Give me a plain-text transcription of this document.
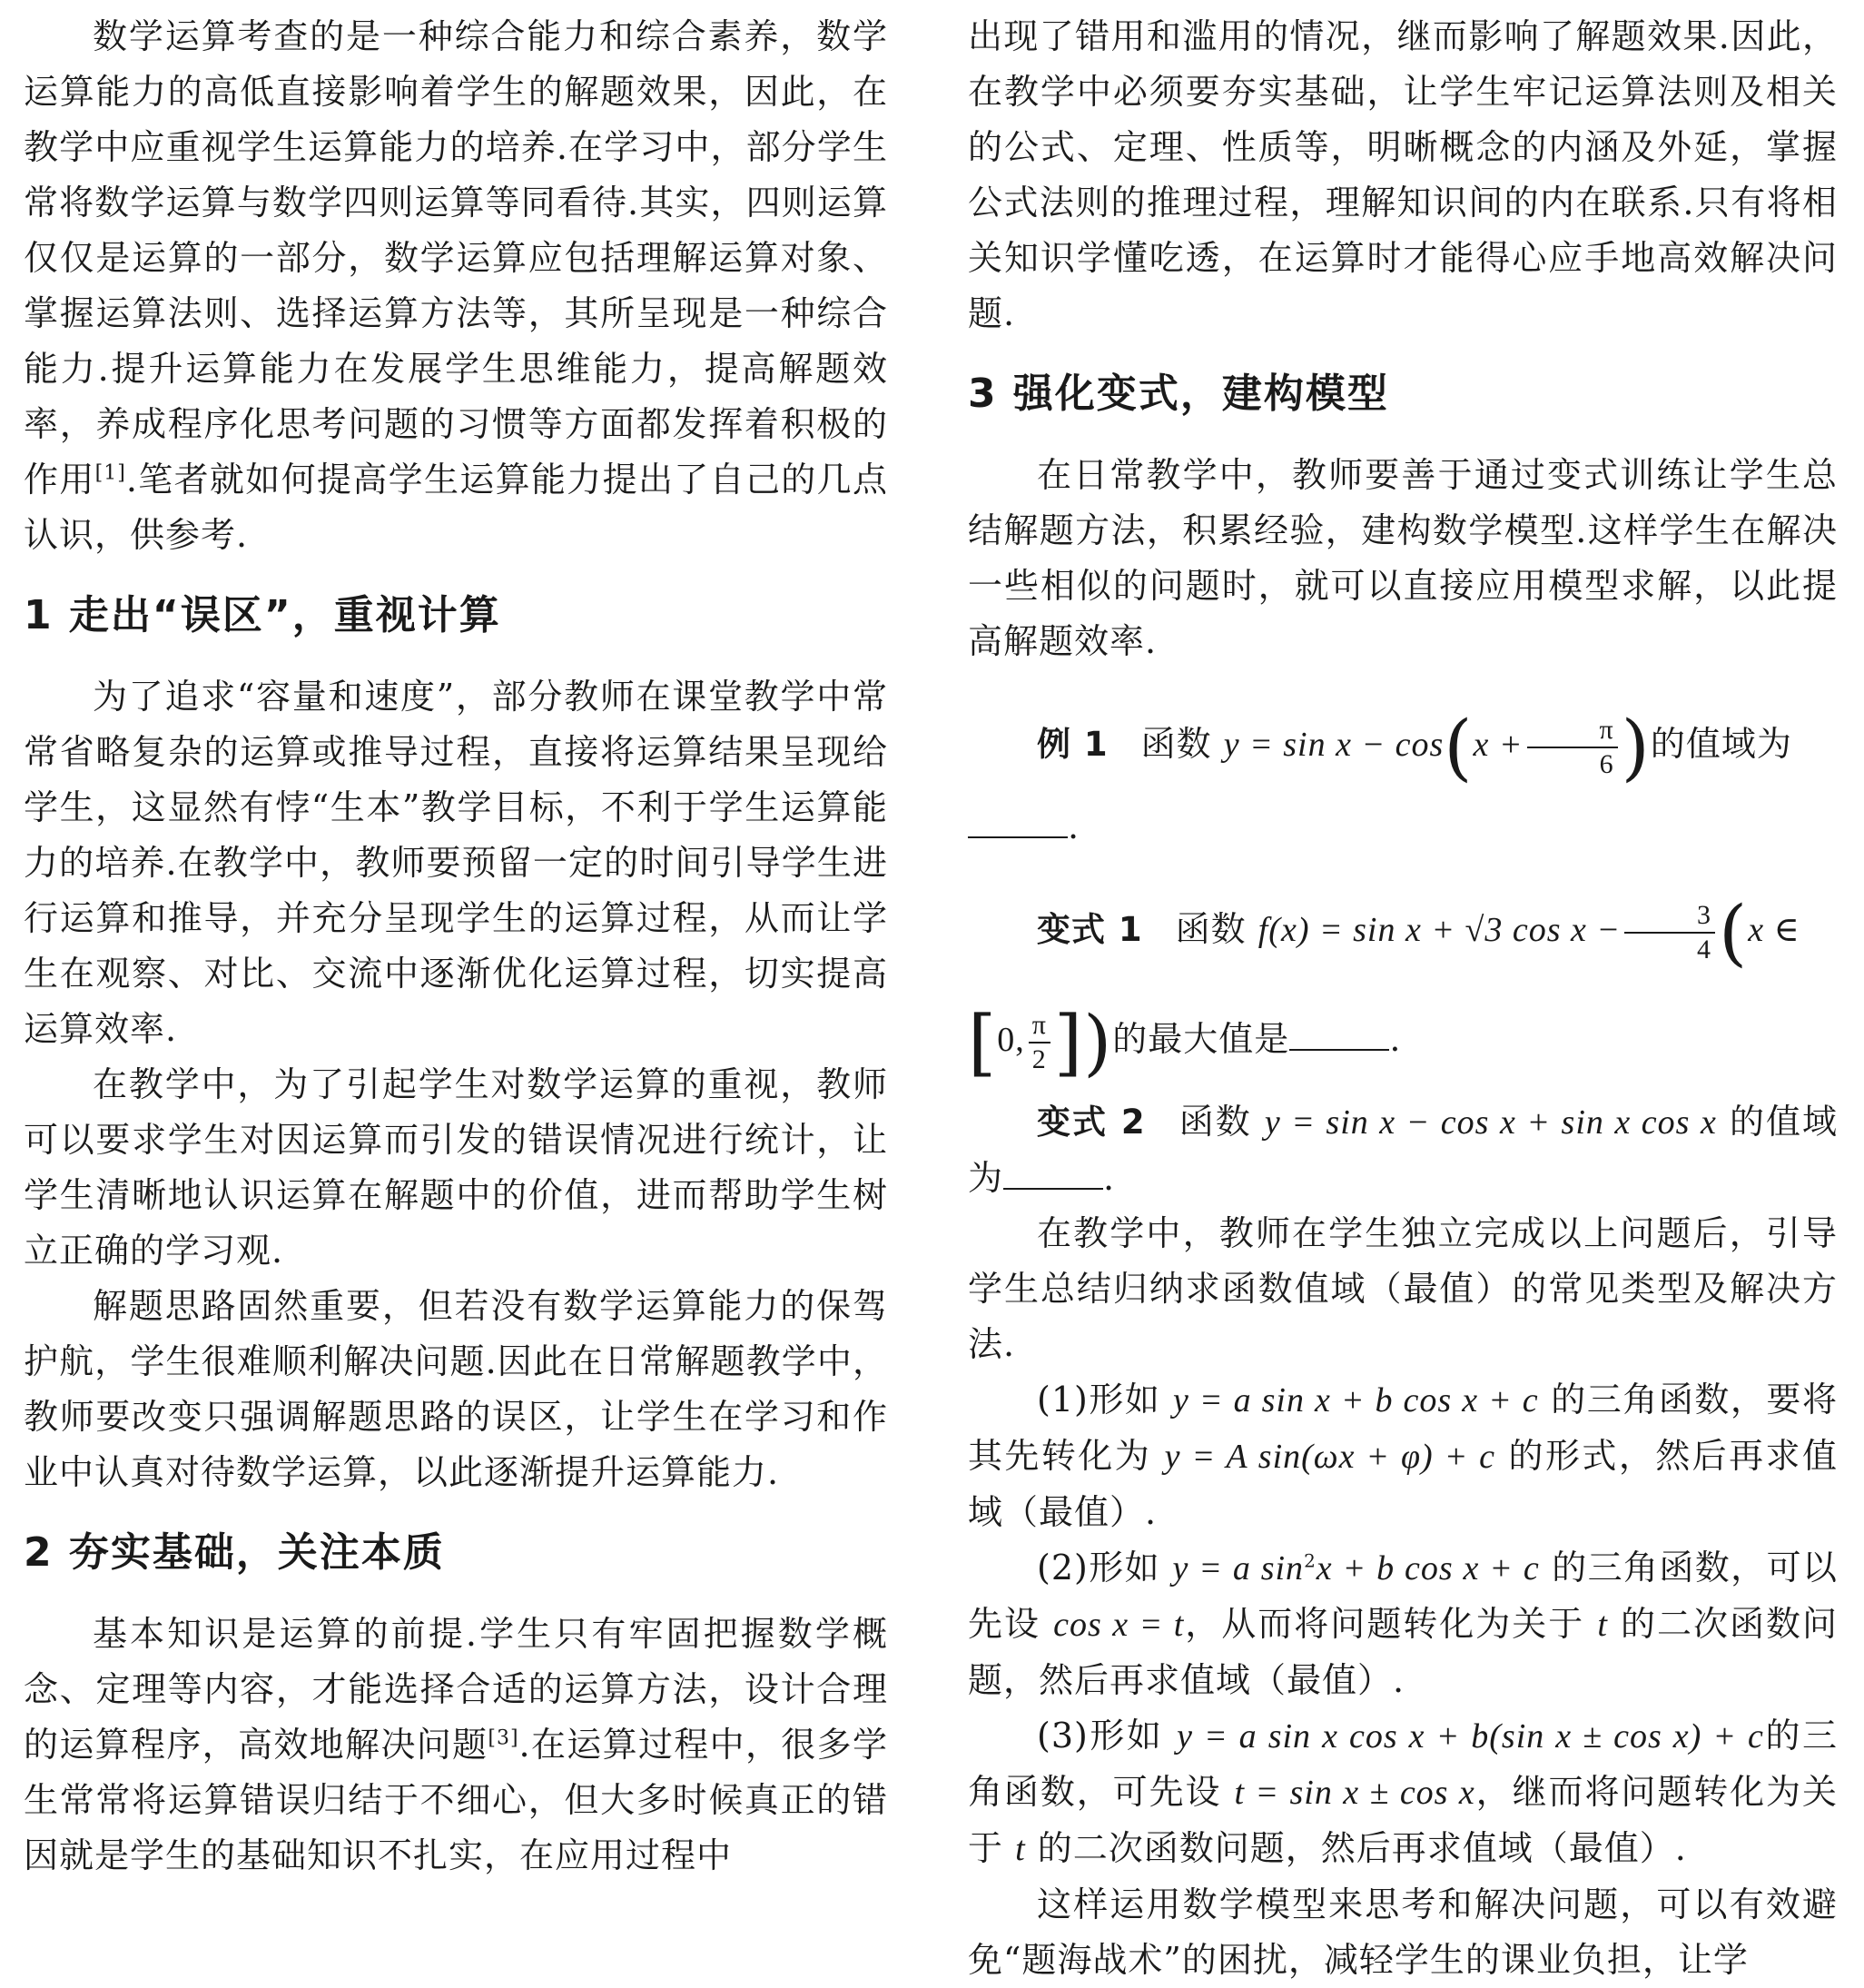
数学运算考查的是一种综合能力和综合素养，数学运算能力的高低直接影响着学生的解题效果，因此，在教学中应重视学生运算能力的培养.在学习中，部分学生常将数学运算与数学四则运算等同看待.其实，四则运算仅仅是运算的一部分，数学运算应包括理解运算对象、掌握运算法则、选择运算方法等，其所呈现是一种综合能力.提升运算能力在发展学生思维能力，提高解题效率，养成程序化思考问题的习惯等方面都发挥着积极的作用[1].笔者就如何提高学生运算能力提出了自己的几点认识，供参考.

1 走出“误区”，重视计算

为了追求“容量和速度”，部分教师在课堂教学中常常省略复杂的运算或推导过程，直接将运算结果呈现给学生，这显然有悖“生本”教学目标，不利于学生运算能力的培养.在教学中，教师要预留一定的时间引导学生进行运算和推导，并充分呈现学生的运算过程，从而让学生在观察、对比、交流中逐渐优化运算过程，切实提高运算效率.

在教学中，为了引起学生对数学运算的重视，教师可以要求学生对因运算而引发的错误情况进行统计，让学生清晰地认识运算在解题中的价值，进而帮助学生树立正确的学习观.

解题思路固然重要，但若没有数学运算能力的保驾护航，学生很难顺利解决问题.因此在日常解题教学中，教师要改变只强调解题思路的误区，让学生在学习和作业中认真对待数学运算，以此逐渐提升运算能力.

2 夯实基础，关注本质

基本知识是运算的前提.学生只有牢固把握数学概念、定理等内容，才能选择合适的运算方法，设计合理的运算程序，高效地解决问题[3].在运算过程中，很多学生常常将运算错误归结于不细心，但大多时候真正的错因就是学生的基础知识不扎实，在应用过程中

出现了错用和滥用的情况，继而影响了解题效果.因此，在教学中必须要夯实基础，让学生牢记运算法则及相关的公式、定理、性质等，明晰概念的内涵及外延，掌握公式法则的推理过程，理解知识间的内在联系.只有将相关知识学懂吃透，在运算时才能得心应手地高效解决问题.

3 强化变式，建构模型

在日常教学中，教师要善于通过变式训练让学生总结解题方法，积累经验，建构数学模型.这样学生在解决一些相似的问题时，就可以直接应用模型求解，以此提高解题效率.

例 1 函数 $y = \sin x - \cos(x + \frac{\pi}{6}$ )的值域为

.

变式 1 函数 f(x) = sin x + √3 $\cos x - \frac{3}{4} (x$ ∈

[0, $\frac{\pi}{2}$ ])的最大值是	.

变式 2 函数 y = sin x − cos x + sin x cos x 的值域为	.

在教学中，教师在学生独立完成以上问题后，引导学生总结归纳求函数值域（最值）的常见类型及解决方法.

(1)形如 y = a sin x + b cos x + c 的三角函数，要将其先转化为 y = A sin(ωx + φ) + c 的形式，然后再求值域（最值）.

(2)形如 y = a $\sin^2x + b$ cos x + c 的三角函数，可以先设 cos x = t，从而将问题转化为关于 t 的二次函数问题，然后再求值域（最值）.

(3)形如 y = a sin x cos x + b(sin x ± cos x) + c的三角函数，可先设 t = sin x ± cos x，继而将问题转化为关于 t 的二次函数问题，然后再求值域（最值）.

这样运用数学模型来思考和解决问题，可以有效避免“题海战术”的困扰，减轻学生的课业负担，让学
